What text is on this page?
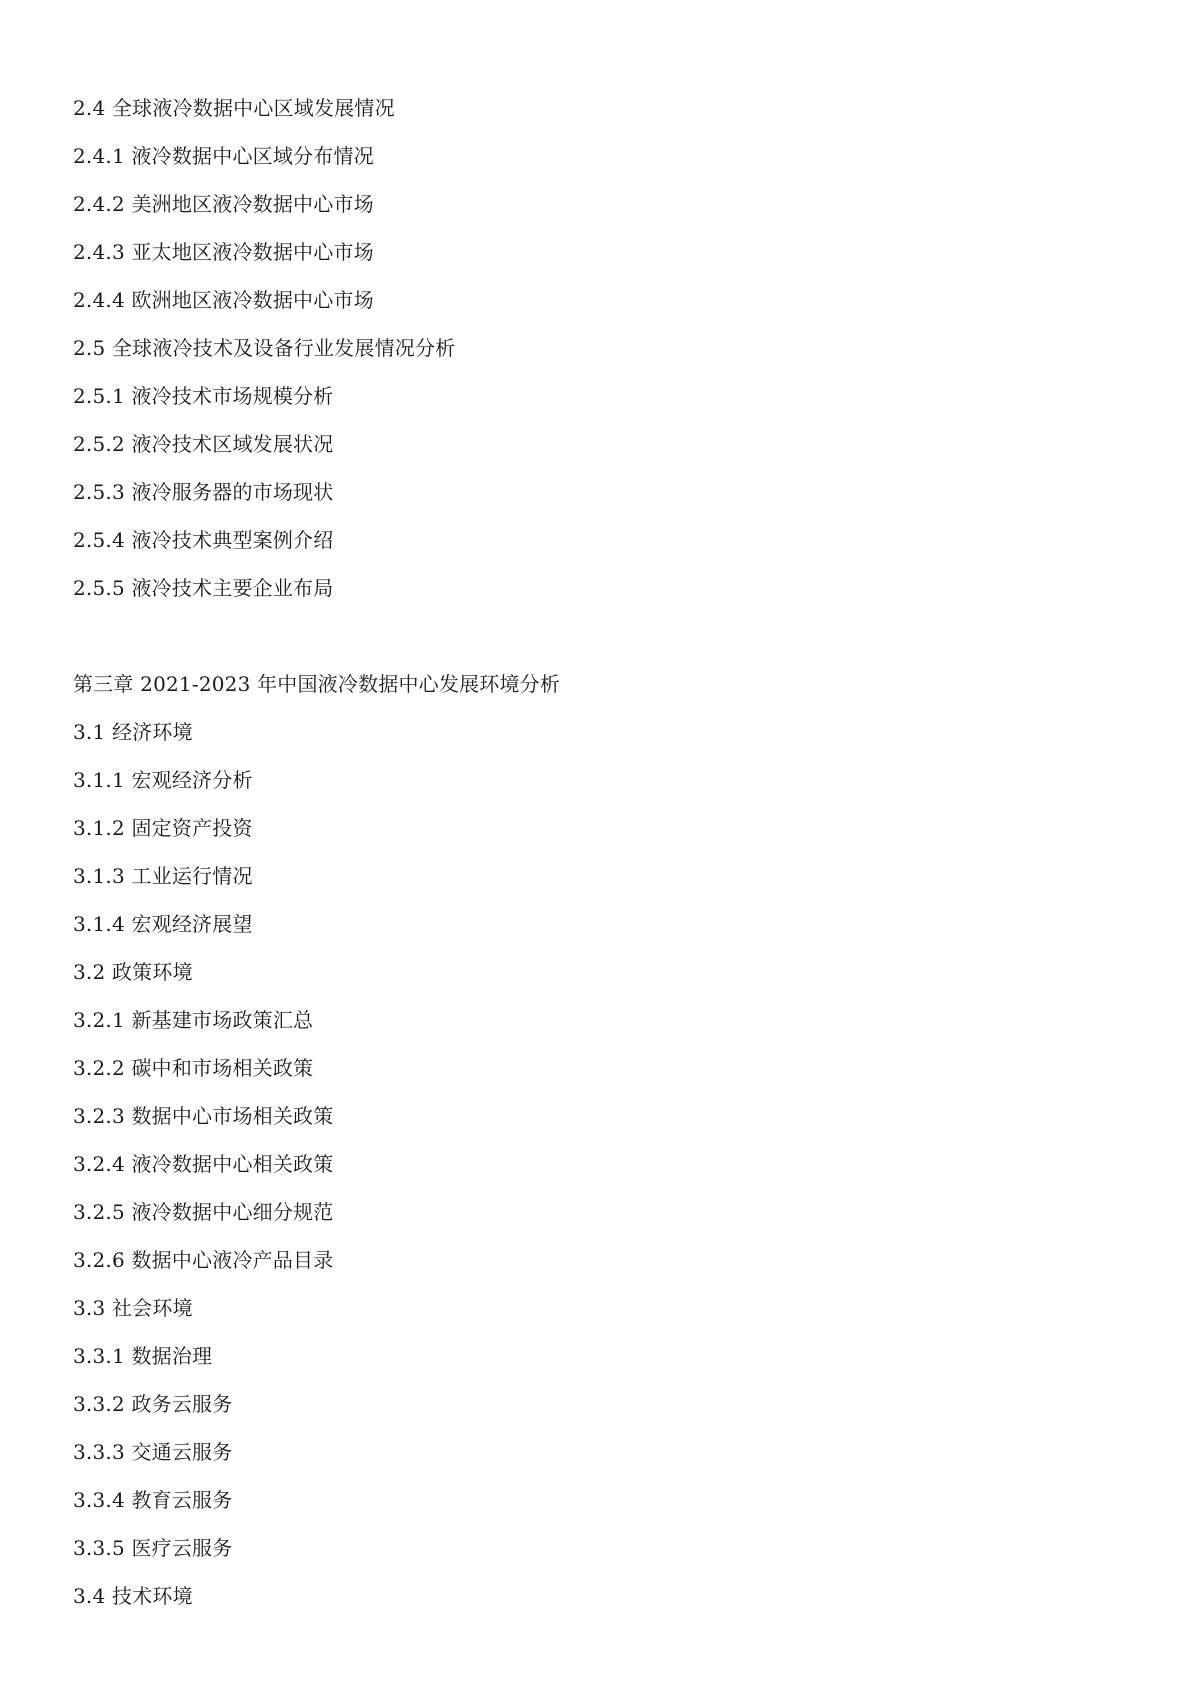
2.4 全球液冷数据中心区域发展情况
2.4.1 液冷数据中心区域分布情况
2.4.2 美洲地区液冷数据中心市场
2.4.3 亚太地区液冷数据中心市场
2.4.4 欧洲地区液冷数据中心市场
2.5 全球液冷技术及设备行业发展情况分析
2.5.1 液冷技术市场规模分析
2.5.2 液冷技术区域发展状况
2.5.3 液冷服务器的市场现状
2.5.4 液冷技术典型案例介绍
2.5.5 液冷技术主要企业布局
第三章 2021-2023 年中国液冷数据中心发展环境分析
3.1 经济环境
3.1.1 宏观经济分析
3.1.2 固定资产投资
3.1.3 工业运行情况
3.1.4 宏观经济展望
3.2 政策环境
3.2.1 新基建市场政策汇总
3.2.2 碳中和市场相关政策
3.2.3 数据中心市场相关政策
3.2.4 液冷数据中心相关政策
3.2.5 液冷数据中心细分规范
3.2.6 数据中心液冷产品目录
3.3 社会环境
3.3.1 数据治理
3.3.2 政务云服务
3.3.3 交通云服务
3.3.4 教育云服务
3.3.5 医疗云服务
3.4 技术环境
